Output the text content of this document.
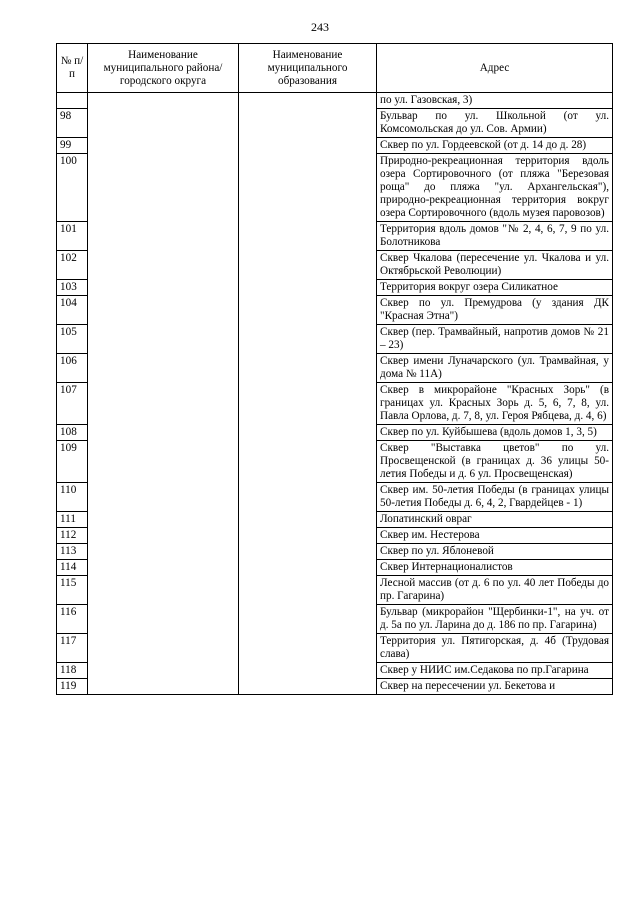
243
№ п/п	Наименование муниципального района/ городского округа	Наименование муниципального образования	Адрес
			по ул. Газовская, 3)
98			Бульвар по ул. Школьной (от ул. Комсомольская до ул. Сов. Армии)
99			Сквер по ул. Гордеевской (от д. 14 до д. 28)
100			Природно-рекреационная территория вдоль озера Сортировочного (от пляжа "Березовая роща" до пляжа "ул. Архангельская"), природно-рекреационная территория вокруг озера Сортировочного (вдоль музея паровозов)
101			Территория вдоль домов "№ 2, 4, 6, 7, 9 по ул. Болотникова
102			Сквер Чкалова (пересечение ул. Чкалова и ул. Октябрьской Революции)
103			Территория вокруг озера Силикатное
104			Сквер по ул. Премудрова (у здания ДК "Красная Этна")
105			Сквер (пер. Трамвайный, напротив домов № 21 – 23)
106			Сквер имени Луначарского (ул. Трамвайная, у дома № 11А)
107			Сквер в микрорайоне "Красных Зорь" (в границах ул. Красных Зорь д. 5, 6, 7, 8, ул. Павла Орлова, д. 7, 8, ул. Героя Рябцева, д. 4, 6)
108			Сквер по ул. Куйбышева (вдоль домов 1, 3, 5)
109			Сквер "Выставка цветов" по ул. Просвещенской (в границах д. 36 улицы 50-летия Победы и д. 6 ул. Просвещенская)
110			Сквер им. 50-летия Победы (в границах улицы 50-летия Победы д. 6, 4, 2, Гвардейцев - 1)
111			Лопатинский овраг
112			Сквер им. Нестерова
113			Сквер по ул. Яблоневой
114			Сквер Интернационалистов
115			Лесной массив (от д. 6 по ул. 40 лет Победы до пр. Гагарина)
116			Бульвар (микрорайон "Щербинки-1", на уч. от д. 5а по ул. Ларина до д. 186 по пр. Гагарина)
117			Территория ул. Пятигорская, д. 4б (Трудовая слава)
118			Сквер у НИИС им.Седакова по пр.Гагарина
119			Сквер на пересечении ул. Бекетова и
